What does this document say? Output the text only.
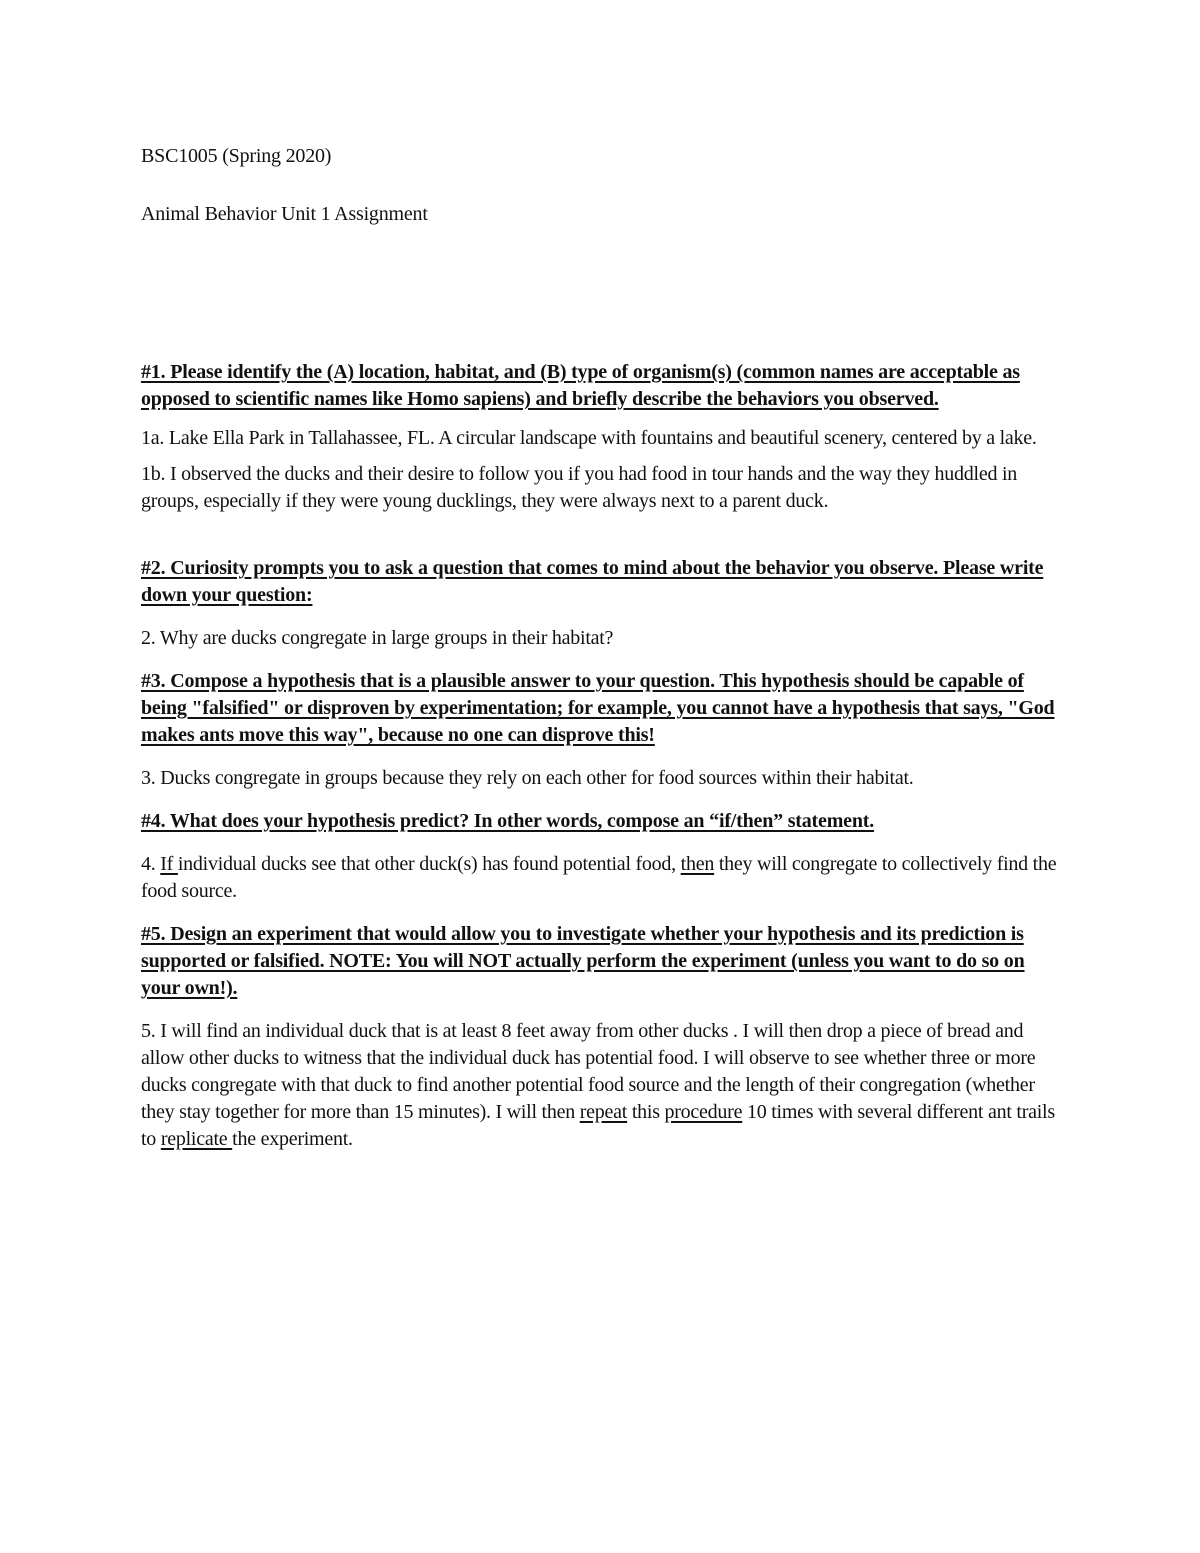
BSC1005 (Spring 2020)

Animal Behavior Unit 1 Assignment

#1. Please identify the (A) location, habitat, and (B) type of organism(s) (common names are acceptable as opposed to scientific names like Homo sapiens) and briefly describe the behaviors you observed.

1a. Lake Ella Park in Tallahassee, FL. A circular landscape with fountains and beautiful scenery, centered by a lake.

1b. I observed the ducks and their desire to follow you if you had food in tour hands and the way they huddled in groups, especially if they were young ducklings, they were always next to a parent duck.

#2. Curiosity prompts you to ask a question that comes to mind about the behavior you observe. Please write down your question:

2. Why are ducks congregate in large groups in their habitat?

#3. Compose a hypothesis that is a plausible answer to your question. This hypothesis should be capable of being "falsified" or disproven by experimentation; for example, you cannot have a hypothesis that says, "God makes ants move this way", because no one can disprove this!

3. Ducks congregate in groups because they rely on each other for food sources within their habitat.

#4. What does your hypothesis predict? In other words, compose an “if/then” statement.

4. If individual ducks see that other duck(s) has found potential food, then they will congregate to collectively find the food source.

#5. Design an experiment that would allow you to investigate whether your hypothesis and its prediction is supported or falsified. NOTE: You will NOT actually perform the experiment (unless you want to do so on your own!).

5. I will find an individual duck that is at least 8 feet away from other ducks . I will then drop a piece of bread and allow other ducks to witness that the individual duck has potential food. I will observe to see whether three or more ducks congregate with that duck to find another potential food source and the length of their congregation (whether they stay together for more than 15 minutes). I will then repeat this procedure 10 times with several different ant trails to replicate the experiment.
